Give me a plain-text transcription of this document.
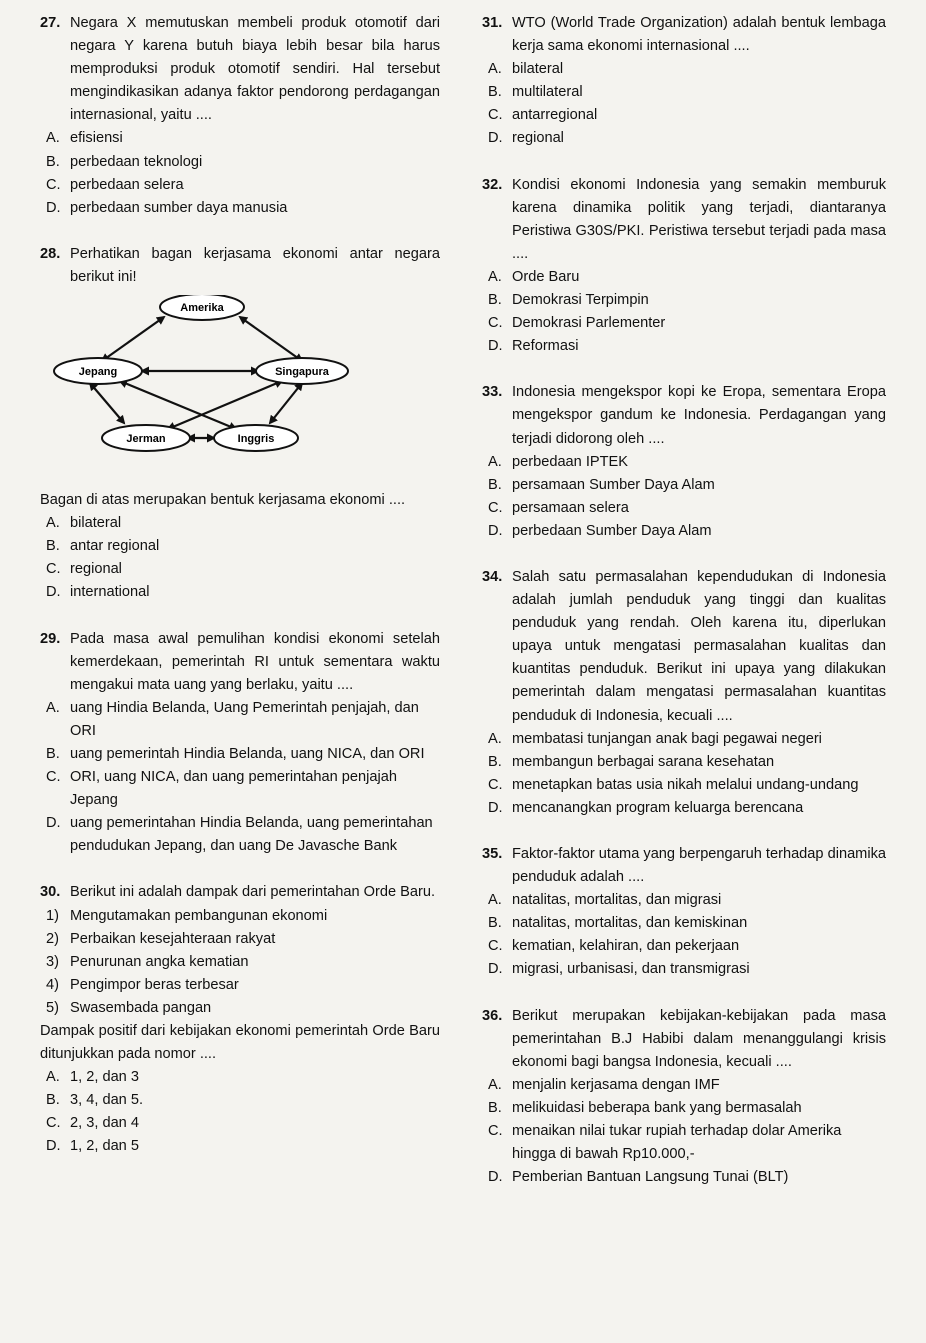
27. Negara X memutuskan membeli produk otomotif dari negara Y karena butuh biaya lebih besar bila harus memproduksi produk otomotif sendiri. Hal tersebut mengindikasikan adanya faktor pendorong perdagangan internasional, yaitu ....
A. efisiensi
B. perbedaan teknologi
C. perbedaan selera
D. perbedaan sumber daya manusia
28. Perhatikan bagan kerjasama ekonomi antar negara berikut ini!
Amerika
Jepang	Singapura
Jerman	Inggris
Bagan di atas merupakan bentuk kerjasama ekonomi ....
A. bilateral
B. antar regional
C. regional
D. international
29. Pada masa awal pemulihan kondisi ekonomi setelah kemerdekaan, pemerintah RI untuk sementara waktu mengakui mata uang yang berlaku, yaitu ....
A. uang Hindia Belanda, Uang Pemerintah penjajah, dan ORI
B. uang pemerintah Hindia Belanda, uang NICA, dan ORI
C. ORI, uang NICA, dan uang pemerintahan penjajah Jepang
D. uang pemerintahan Hindia Belanda, uang pemerintahan pendudukan Jepang, dan uang De Javasche Bank
30. Berikut ini adalah dampak dari pemerintahan Orde Baru.
1) Mengutamakan pembangunan ekonomi
2) Perbaikan kesejahteraan rakyat
3) Penurunan angka kematian
4) Pengimpor beras terbesar
5) Swasembada pangan
Dampak positif dari kebijakan ekonomi pemerintah Orde Baru ditunjukkan pada nomor ....
A. 1, 2, dan 3
B. 3, 4, dan 5.
C. 2, 3, dan 4
D. 1, 2, dan 5
31. WTO (World Trade Organization) adalah bentuk lembaga kerja sama ekonomi internasional ....
A. bilateral
B. multilateral
C. antarregional
D. regional
32. Kondisi ekonomi Indonesia yang semakin memburuk karena dinamika politik yang terjadi, diantaranya Peristiwa G30S/PKI. Peristiwa tersebut terjadi pada masa ....
A. Orde Baru
B. Demokrasi Terpimpin
C. Demokrasi Parlementer
D. Reformasi
33. Indonesia mengekspor kopi ke Eropa, sementara Eropa mengekspor gandum ke Indonesia. Perdagangan yang terjadi didorong oleh ....
A. perbedaan IPTEK
B. persamaan Sumber Daya Alam
C. persamaan selera
D. perbedaan Sumber Daya Alam
34. Salah satu permasalahan kependudukan di Indonesia adalah jumlah penduduk yang tinggi dan kualitas penduduk yang rendah. Oleh karena itu, diperlukan upaya untuk mengatasi permasalahan kualitas dan kuantitas penduduk. Berikut ini upaya yang dilakukan pemerintah dalam mengatasi permasalahan kuantitas penduduk di Indonesia, kecuali ....
A. membatasi tunjangan anak bagi pegawai negeri
B. membangun berbagai sarana kesehatan
C. menetapkan batas usia nikah melalui undang-undang
D. mencanangkan program keluarga berencana
35. Faktor-faktor utama yang berpengaruh terhadap dinamika penduduk adalah ....
A. natalitas, mortalitas, dan migrasi
B. natalitas, mortalitas, dan kemiskinan
C. kematian, kelahiran, dan pekerjaan
D. migrasi, urbanisasi, dan transmigrasi
36. Berikut merupakan kebijakan-kebijakan pada masa pemerintahan B.J Habibi dalam menanggulangi krisis ekonomi bagi bangsa Indonesia, kecuali ....
A. menjalin kerjasama dengan IMF
B. melikuidasi beberapa bank yang bermasalah
C. menaikan nilai tukar rupiah terhadap dolar Amerika hingga di bawah Rp10.000,-
D. Pemberian Bantuan Langsung Tunai (BLT)
